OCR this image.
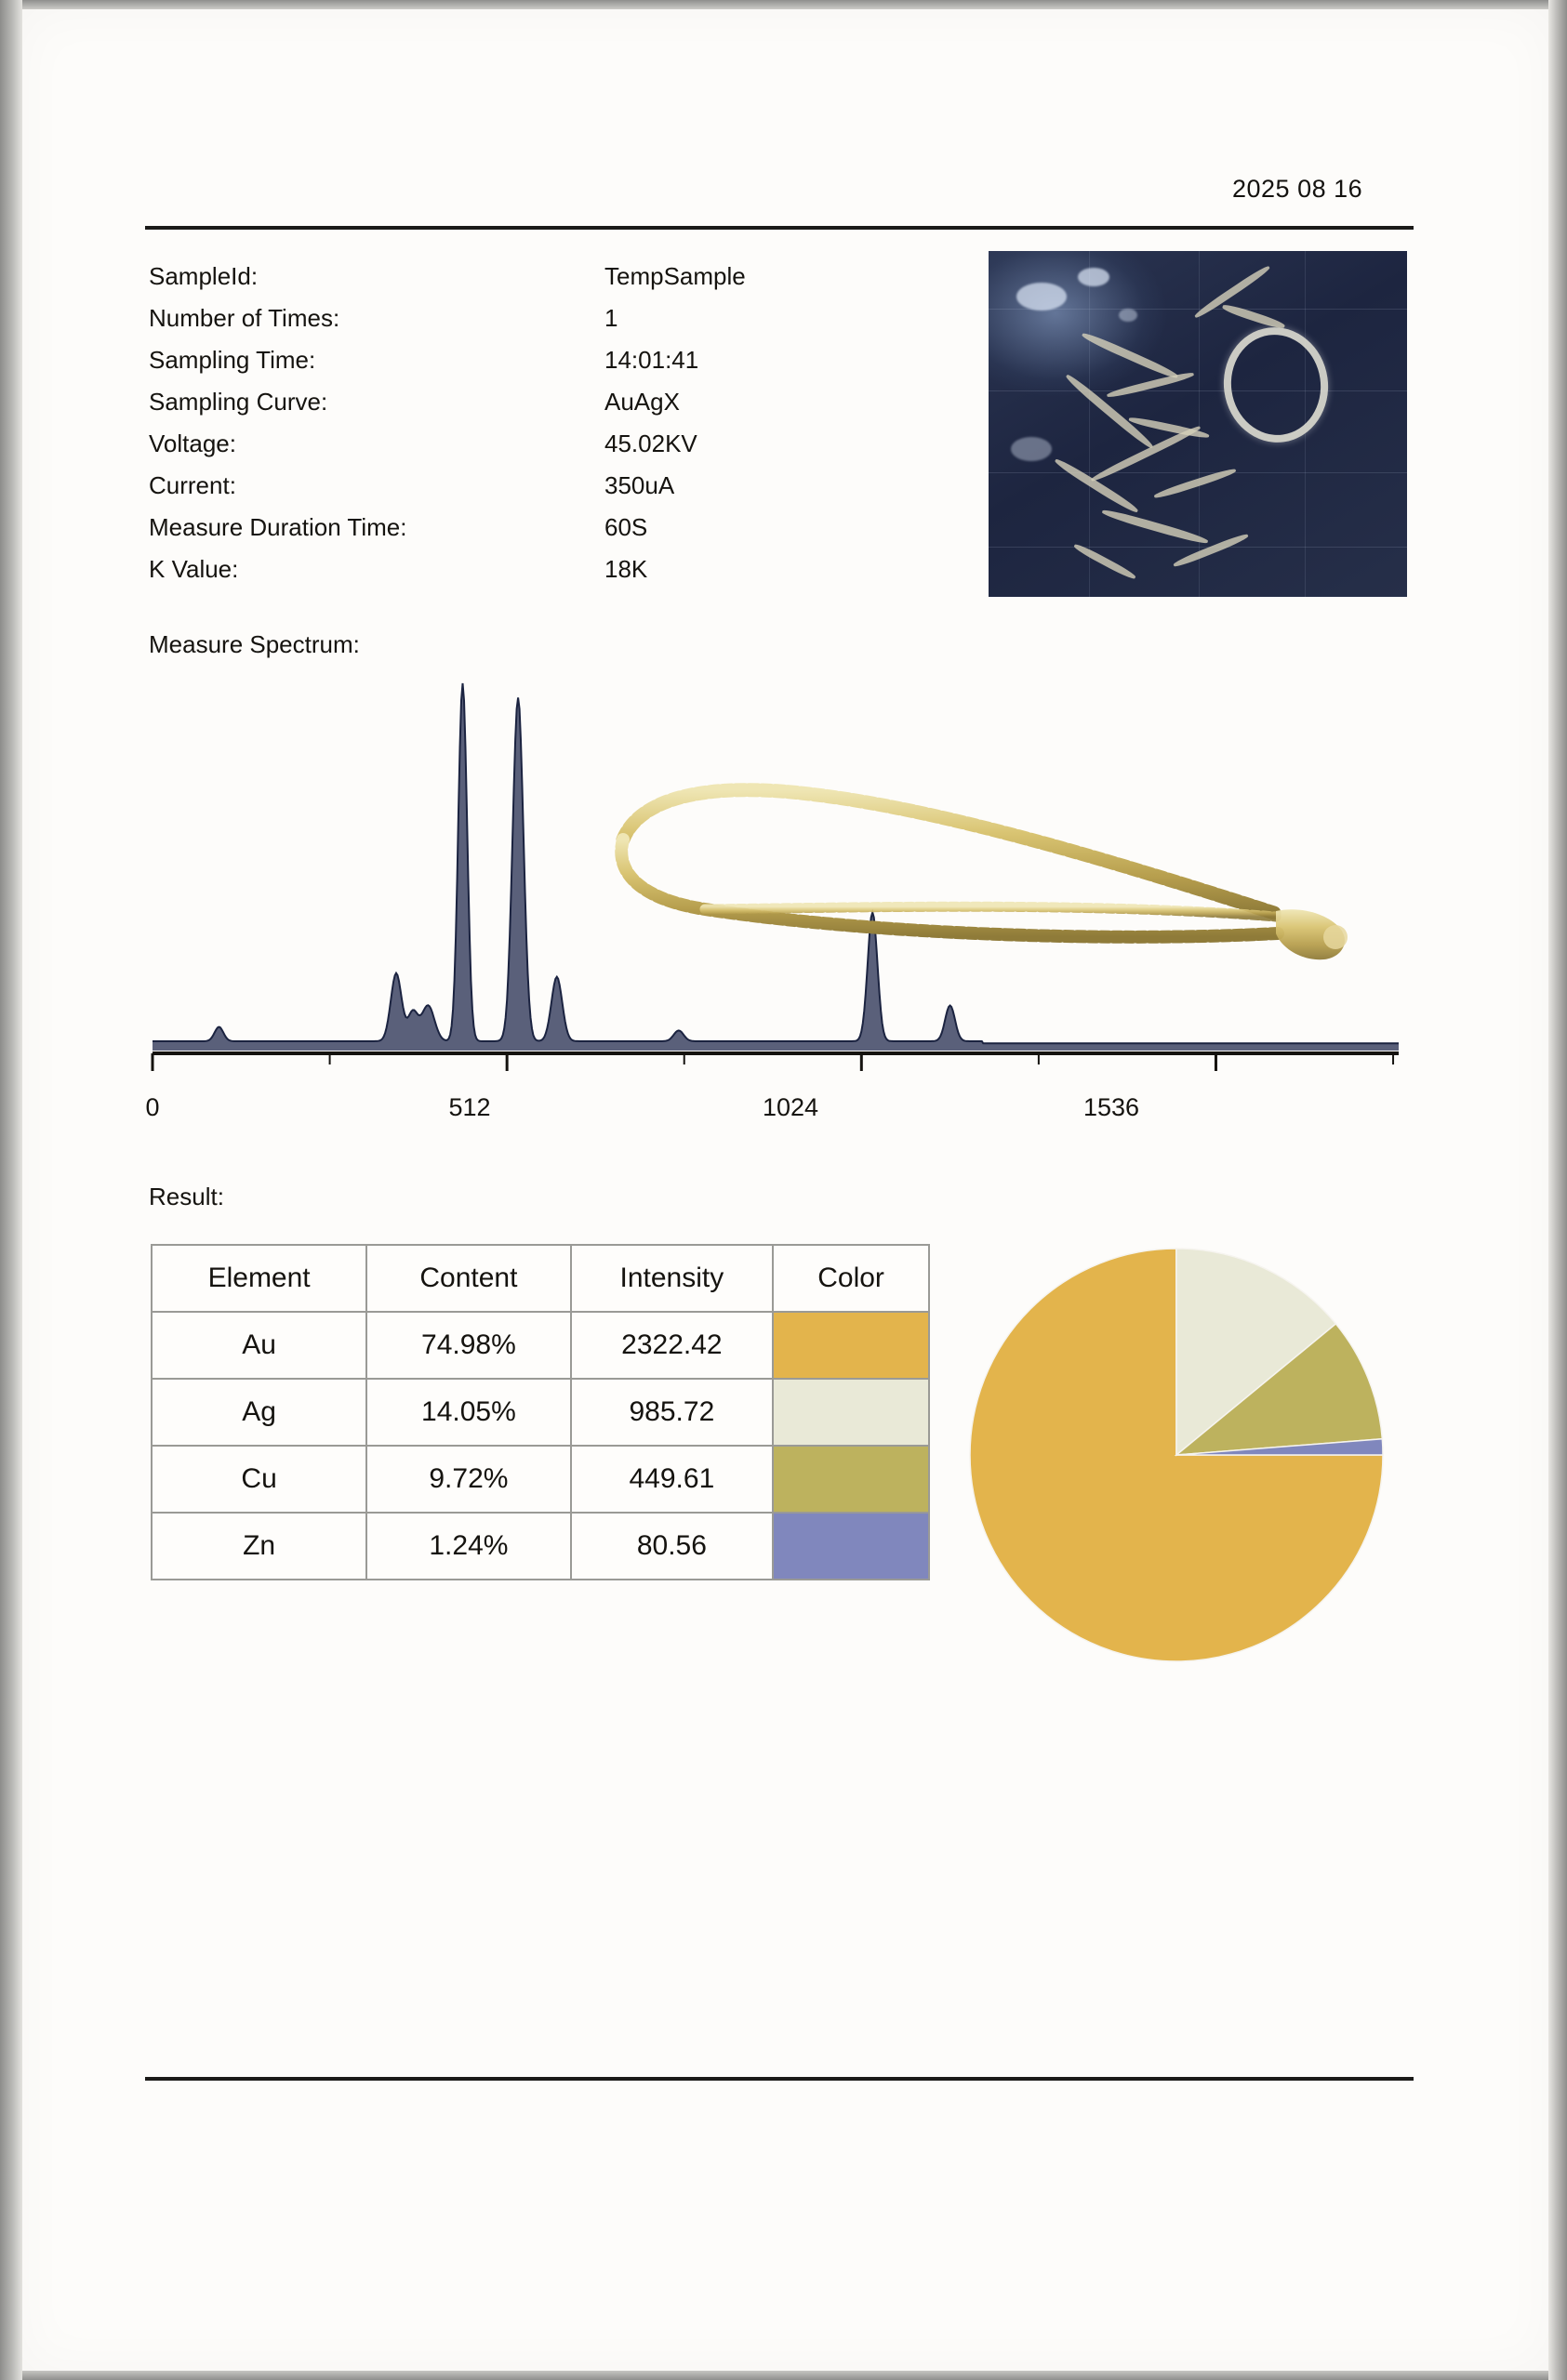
2025 08 16
SampleId:	TempSample
Number of Times:	1
Sampling Time:	14:01:41
Sampling Curve:	AuAgX
Voltage:	45.02KV
Current:	350uA
Measure Duration Time:	60S
K Value:	18K
Measure Spectrum:
0	512	1024	1536
Result:
Element	Content	Intensity	Color
Au	74.98%	2322.42	

Ag	14.05%	985.72	

Cu	9.72%	449.61	

Zn	1.24%	80.56	
